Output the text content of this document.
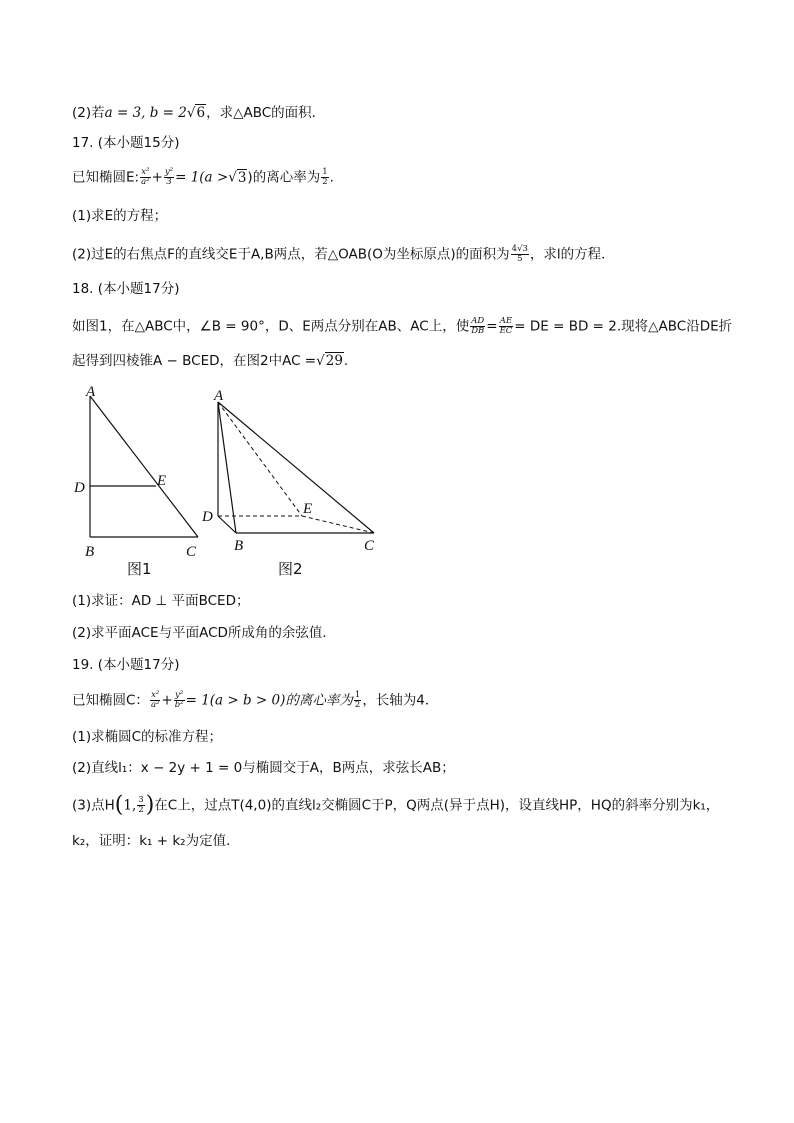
(2)若a = 3, b = 2√6，求△ABC的面积．
17. (本小题15分)
已知椭圆E: $\frac{\text{x²}}{\text{a²}} + \frac{\text{y²}}{3} = 1(a >√3)$的离心率为 $\frac{1}{2}$ .
(1)求E的方程；
(2)过E的右焦点F的直线交E于A,B两点，若△OAB(O为坐标原点)的面积为 $\frac{4√3}{5}$ ，求l的方程．
18. (本小题17分)
如图1，在△ABC中，∠B = 90°，D、E两点分别在AB、AC上，使 $\frac{AD}{DB} = \frac{AE}{EC}$ = DE = BD = 2.现将△ABC沿DE折
起得到四棱锥A − BCED，在图2中AC =√29.
A
D	E
B	C
图1
A
D	E
B	C
图2
(1)求证：AD ⊥ 平面BCED；
(2)求平面ACE与平面ACD所成角的余弦值．
19. (本小题17分)
已知椭圆C： $\frac{\text{x²}}{\text{a²}} + \frac{\text{y²}}{\text{b²}} = 1(a > b > 0)$的离心率为 $\frac{1}{2}$ ，长轴为4．
(1)求椭圆C的标准方程；
(2)直线l₁：x − 2y + 1 = 0与椭圆交于A，B两点，求弦长AB；
(3)点H(1, $\frac{3}{2}$ )在C上，过点T(4,0)的直线l₂交椭圆C于P，Q两点(异于点H)，设直线HP，HQ的斜率分别为k₁，
k₂，证明：k₁ + k₂为定值．
